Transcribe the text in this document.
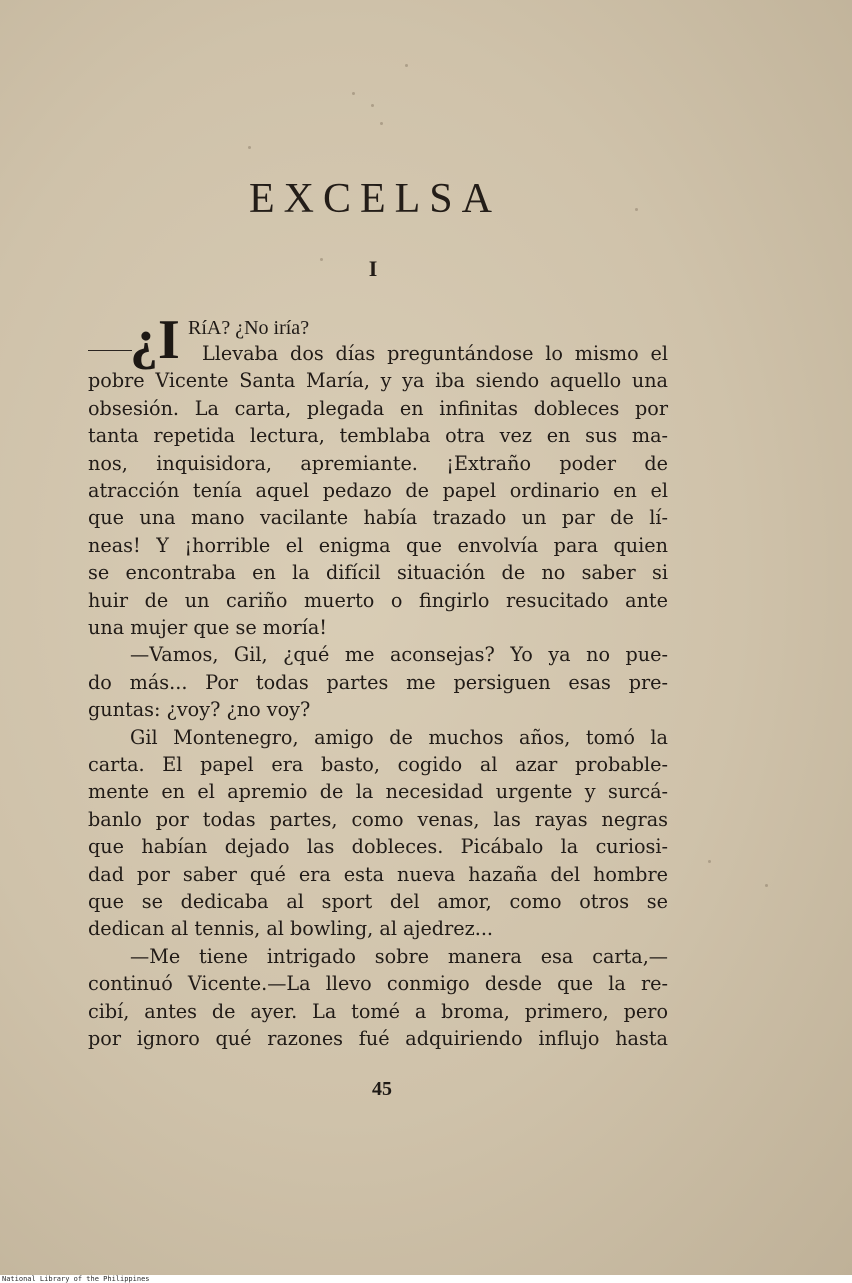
EXCELSA
I
¿I RíA? ¿No iría?

Llevaba dos días preguntándose lo mismo el

pobre Vicente Santa María, y ya iba siendo aquello una

obsesión. La carta, plegada en infinitas dobleces por

tanta repetida lectura, temblaba otra vez en sus ma-

nos, inquisidora, apremiante. ¡Extraño poder de

atracción tenía aquel pedazo de papel ordinario en el

que una mano vacilante había trazado un par de lí-

neas! Y ¡horrible el enigma que envolvía para quien

se encontraba en la difícil situación de no saber si

huir de un cariño muerto o fingirlo resucitado ante

una mujer que se moría!

—Vamos, Gil, ¿qué me aconsejas? Yo ya no pue-

do más... Por todas partes me persiguen esas pre-

guntas: ¿voy? ¿no voy?

Gil Montenegro, amigo de muchos años, tomó la

carta. El papel era basto, cogido al azar probable-

mente en el apremio de la necesidad urgente y surcá-

banlo por todas partes, como venas, las rayas negras

que habían dejado las dobleces. Picábalo la curiosi-

dad por saber qué era esta nueva hazaña del hombre

que se dedicaba al sport del amor, como otros se

dedican al tennis, al bowling, al ajedrez...

—Me tiene intrigado sobre manera esa carta,—

continuó Vicente.—La llevo conmigo desde que la re-

cibí, antes de ayer. La tomé a broma, primero, pero

por ignoro qué razones fué adquiriendo influjo hasta

45
National Library of the Philippines
